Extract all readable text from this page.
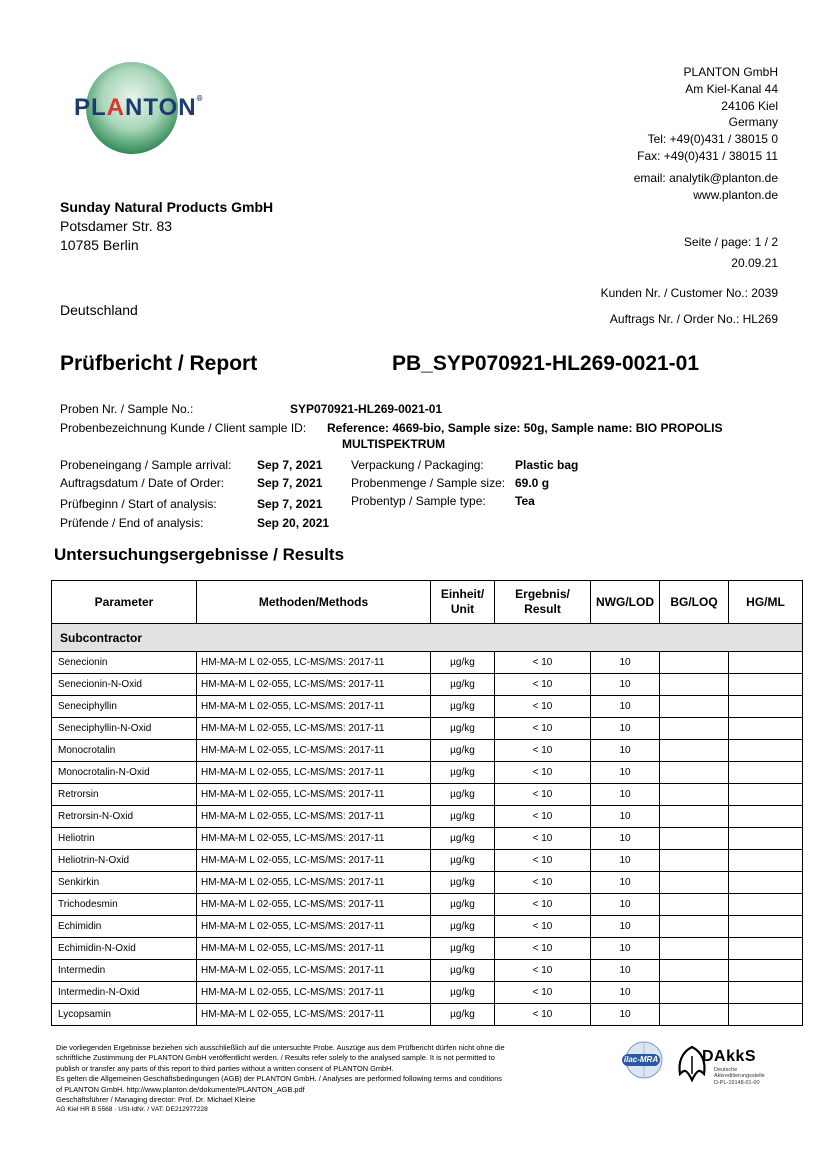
PLANTON®
PLANTON GmbH
Am Kiel-Kanal 44
24106 Kiel
Germany
Tel: +49(0)431 / 38015 0
Fax: +49(0)431 / 38015 11
email: analytik@planton.de
www.planton.de
Sunday Natural Products GmbH
Potsdamer Str. 83
10785 Berlin
Deutschland
Seite / page: 1 / 2
20.09.21
Kunden Nr. / Customer No.: 2039
Auftrags Nr. / Order No.: HL269
Prüfbericht / Report	PB_SYP070921-HL269-0021-01
Proben Nr. / Sample No.:	SYP070921-HL269-0021-01
Probenbezeichnung Kunde / Client sample ID: Reference: 4669-bio, Sample size: 50g, Sample name: BIO PROPOLIS
MULTISPEKTRUM
Probeneingang / Sample arrival: Sep 7, 2021 Verpackung / Packaging:	Plastic bag
Auftragsdatum / Date of Order:	Sep 7, 2021 Probenmenge / Sample size: 69.0 g
Prüfbeginn / Start of analysis:	Sep 7, 2021 Probentyp / Sample type: Tea
Prüfende / End of analysis:	Sep 20, 2021
Untersuchungsergebnisse / Results
Parameter	Methoden/Methods	Einheit/
Unit	Ergebnis/
Result	NWG/LOD	BG/LOQ	HG/ML
Subcontractor						
Senecionin	HM-MA-M L 02-055, LC-MS/MS: 2017-11	µg/kg	< 10	10		
Senecionin-N-Oxid	HM-MA-M L 02-055, LC-MS/MS: 2017-11	µg/kg	< 10	10		
Seneciphyllin	HM-MA-M L 02-055, LC-MS/MS: 2017-11	µg/kg	< 10	10		
Seneciphyllin-N-Oxid	HM-MA-M L 02-055, LC-MS/MS: 2017-11	µg/kg	< 10	10		
Monocrotalin	HM-MA-M L 02-055, LC-MS/MS: 2017-11	µg/kg	< 10	10		
Monocrotalin-N-Oxid	HM-MA-M L 02-055, LC-MS/MS: 2017-11	µg/kg	< 10	10		
Retrorsin	HM-MA-M L 02-055, LC-MS/MS: 2017-11	µg/kg	< 10	10		
Retrorsin-N-Oxid	HM-MA-M L 02-055, LC-MS/MS: 2017-11	µg/kg	< 10	10		
Heliotrin	HM-MA-M L 02-055, LC-MS/MS: 2017-11	µg/kg	< 10	10		
Heliotrin-N-Oxid	HM-MA-M L 02-055, LC-MS/MS: 2017-11	µg/kg	< 10	10		
Senkirkin	HM-MA-M L 02-055, LC-MS/MS: 2017-11	µg/kg	< 10	10		
Trichodesmin	HM-MA-M L 02-055, LC-MS/MS: 2017-11	µg/kg	< 10	10		
Echimidin	HM-MA-M L 02-055, LC-MS/MS: 2017-11	µg/kg	< 10	10		
Echimidin-N-Oxid	HM-MA-M L 02-055, LC-MS/MS: 2017-11	µg/kg	< 10	10		
Intermedin	HM-MA-M L 02-055, LC-MS/MS: 2017-11	µg/kg	< 10	10		
Intermedin-N-Oxid	HM-MA-M L 02-055, LC-MS/MS: 2017-11	µg/kg	< 10	10		
Lycopsamin	HM-MA-M L 02-055, LC-MS/MS: 2017-11	µg/kg	< 10	10		
Die vorliegenden Ergebnisse beziehen sich ausschließlich auf die untersuchte Probe. Auszüge aus dem Prüfbericht dürfen nicht ohne die
schriftliche Zustimmung der PLANTON GmbH veröffentlicht werden. / Results refer solely to the analysed sample. It is not permitted to
publish or transfer any parts of this report to third parties without a written consent of PLANTON GmbH.
Es gelten die Allgemeinen Geschäftsbedingungen (AGB) der PLANTON GmbH. / Analyses are performed following terms and conditions
of PLANTON GmbH. http://www.planton.de/dokumente/PLANTON_AGB.pdf
Geschäftsführer / Managing director: Prof. Dr. Michael Kleine
AG Kiel HR B 5568 · USt-IdNr. / VAT: DE212977228
ilac-MRA	DAkkS
Deutsche
Akkreditierungsstelle
D-PL-19148-01-00
